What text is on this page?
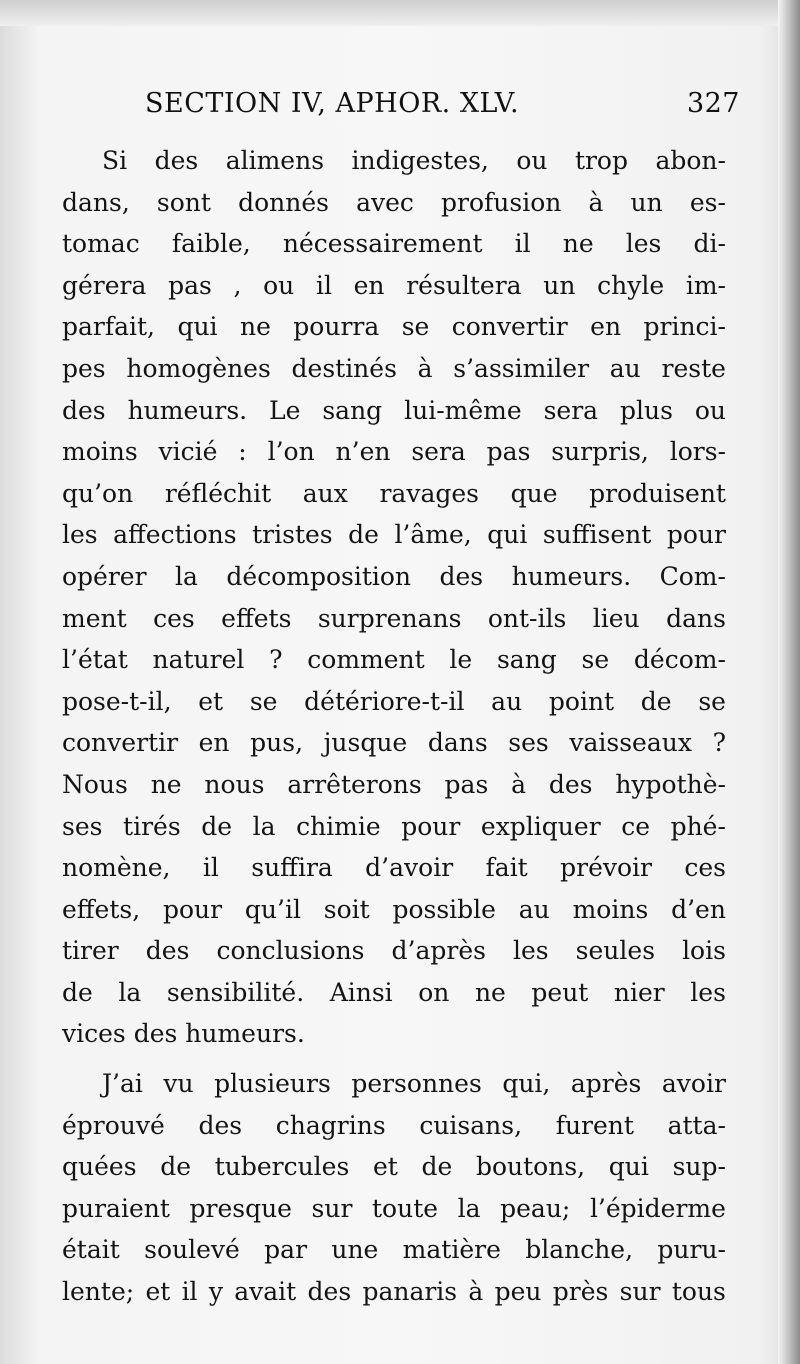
SECTION IV, APHOR. XLV.	327
Si des alimens indigestes, ou trop abon-
dans, sont donnés avec profusion à un es-
tomac faible, nécessairement il ne les di-
gérera pas , ou il en résultera un chyle im-
parfait, qui ne pourra se convertir en princi-
pes homogènes destinés à s’assimiler au reste
des humeurs. Le sang lui-même sera plus ou
moins vicié : l’on n’en sera pas surpris, lors-
qu’on réfléchit aux ravages que produisent
les affections tristes de l’âme, qui suffisent pour
opérer la décomposition des humeurs. Com-
ment ces effets surprenans ont-ils lieu dans
l’état naturel ? comment le sang se décom-
pose-t-il, et se détériore-t-il au point de se
convertir en pus, jusque dans ses vaisseaux ?
Nous ne nous arrêterons pas à des hypothè-
ses tirés de la chimie pour expliquer ce phé-
nomène, il suffira d’avoir fait prévoir ces
effets, pour qu’il soit possible au moins d’en
tirer des conclusions d’après les seules lois
de la sensibilité. Ainsi on ne peut nier les
vices des humeurs.
J’ai vu plusieurs personnes qui, après avoir
éprouvé des chagrins cuisans, furent atta-
quées de tubercules et de boutons, qui sup-
puraient presque sur toute la peau; l’épiderme
était soulevé par une matière blanche, puru-
lente; et il y avait des panaris à peu près sur tous
